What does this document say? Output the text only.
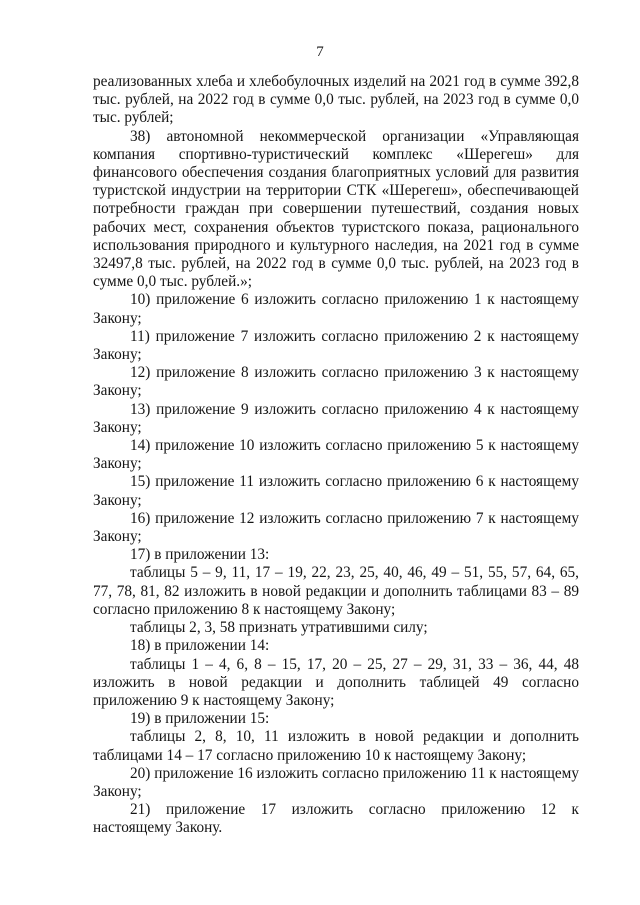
7

реализованных хлеба и хлебобулочных изделий на 2021 год в сумме 392,8 тыс. рублей, на 2022 год в сумме 0,0 тыс. рублей, на 2023 год в сумме 0,0 тыс. рублей;

38) автономной некоммерческой организации «Управляющая компания спортивно-туристический комплекс «Шерегеш» для финансового обеспечения создания благоприятных условий для развития туристской индустрии на территории СТК «Шерегеш», обеспечивающей потребности граждан при совершении путешествий, создания новых рабочих мест, сохранения объектов туристского показа, рационального использования природного и культурного наследия, на 2021 год в сумме 32497,8 тыс. рублей, на 2022 год в сумме 0,0 тыс. рублей, на 2023 год в сумме 0,0 тыс. рублей.»;

10) приложение 6 изложить согласно приложению 1 к настоящему Закону;

11) приложение 7 изложить согласно приложению 2 к настоящему Закону;

12) приложение 8 изложить согласно приложению 3 к настоящему Закону;

13) приложение 9 изложить согласно приложению 4 к настоящему Закону;

14) приложение 10 изложить согласно приложению 5 к настоящему Закону;

15) приложение 11 изложить согласно приложению 6 к настоящему Закону;

16) приложение 12 изложить согласно приложению 7 к настоящему Закону;

17) в приложении 13:

таблицы 5 – 9, 11, 17 – 19, 22, 23, 25, 40, 46, 49 – 51, 55, 57, 64, 65, 77, 78, 81, 82 изложить в новой редакции и дополнить таблицами 83 – 89 согласно приложению 8 к настоящему Закону;

таблицы 2, 3, 58 признать утратившими силу;

18) в приложении 14:

таблицы 1 – 4, 6, 8 – 15, 17, 20 – 25, 27 – 29, 31, 33 – 36, 44, 48 изложить в новой редакции и дополнить таблицей 49 согласно приложению 9 к настоящему Закону;

19) в приложении 15:

таблицы 2, 8, 10, 11 изложить в новой редакции и дополнить таблицами 14 – 17 согласно приложению 10 к настоящему Закону;

20) приложение 16 изложить согласно приложению 11 к настоящему Закону;

21) приложение 17 изложить согласно приложению 12 к настоящему Закону.
